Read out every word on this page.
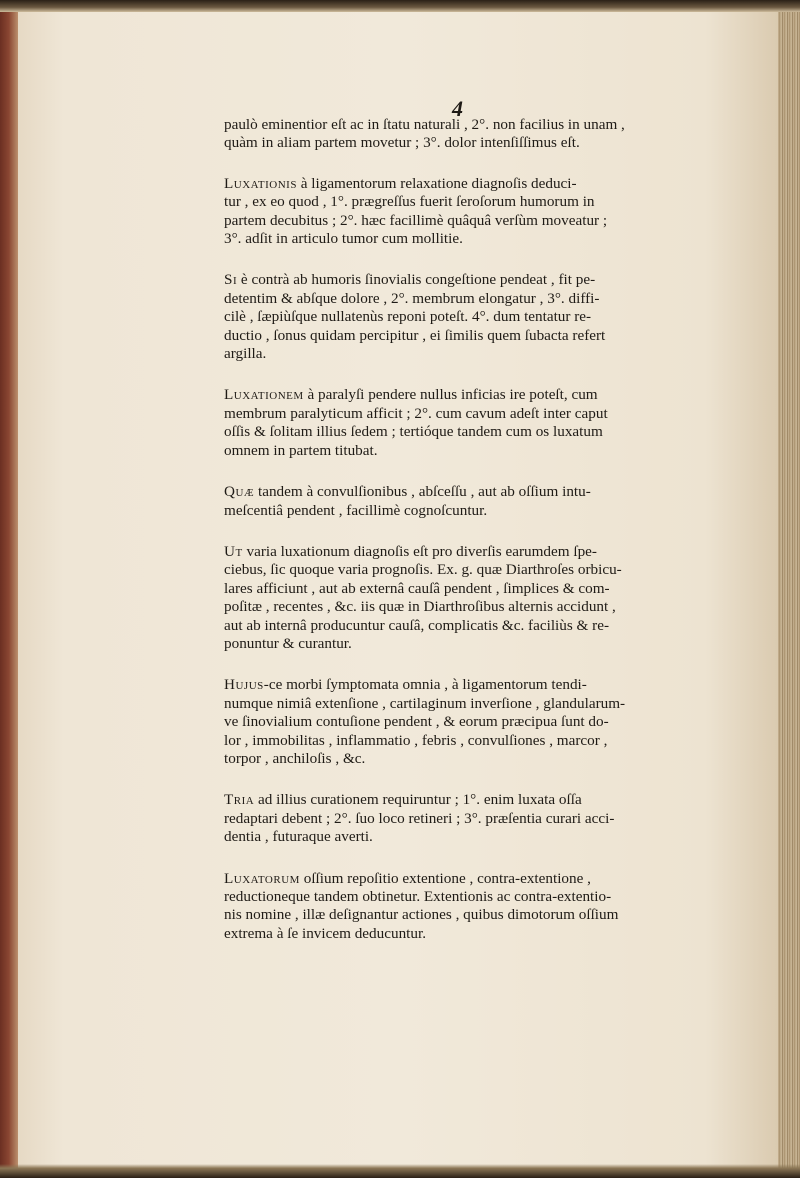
4
paulò eminentior eſt ac in ſtatu naturali , 2°. non facilius in unam ,
quàm in aliam partem movetur ; 3°. dolor intenſiſſimus eſt.
Luxationis à ligamentorum relaxatione diagnoſis deduci-
tur , ex eo quod , 1°. prægreſſus fuerit ſeroſorum humorum in
partem decubitus ; 2°. hæc facillimè quâquâ verſùm moveatur ;
3°. adſit in articulo tumor cum mollitie.
Si è contrà ab humoris ſinovialis congeſtione pendeat , fit pe-
detentim & abſque dolore , 2°. membrum elongatur , 3°. diffi-
cilè , ſæpiùſque nullatenùs reponi poteſt. 4°. dum tentatur re-
ductio , ſonus quidam percipitur , ei ſimilis quem ſubacta refert
argilla.
Luxationem à paralyſi pendere nullus inficias ire poteſt, cum
membrum paralyticum afficit ; 2°. cum cavum adeſt inter caput
oſſis & ſolitam illius ſedem ; tertióque tandem cum os luxatum
omnem in partem titubat.
Quæ tandem à convulſionibus , abſceſſu , aut ab oſſium intu-
meſcentiâ pendent , facillimè cognoſcuntur.
Ut varia luxationum diagnoſis eſt pro diverſis earumdem ſpe-
ciebus, ſic quoque varia prognoſis. Ex. g. quæ Diarthroſes orbicu-
lares afficiunt , aut ab externâ cauſâ pendent , ſimplices & com-
poſitæ , recentes , &c. iis quæ in Diarthroſibus alternis accidunt ,
aut ab internâ producuntur cauſâ, complicatis &c. faciliùs & re-
ponuntur & curantur.
Hujus-ce morbi ſymptomata omnia , à ligamentorum tendi-
numque nimiâ extenſione , cartilaginum inverſione , glandularum-
ve ſinovialium contuſione pendent , & eorum præcipua ſunt do-
lor , immobilitas , inflammatio , febris , convulſiones , marcor ,
torpor , anchiloſis , &c.
Tria ad illius curationem requiruntur ; 1°. enim luxata oſſa
redaptari debent ; 2°. ſuo loco retineri ; 3°. præſentia curari acci-
dentia , futuraque averti.
Luxatorum oſſium repoſitio extentione , contra-extentione ,
reductioneque tandem obtinetur. Extentionis ac contra-extentio-
nis nomine , illæ deſignantur actiones , quibus dimotorum oſſium
extrema à ſe invicem deducuntur.
